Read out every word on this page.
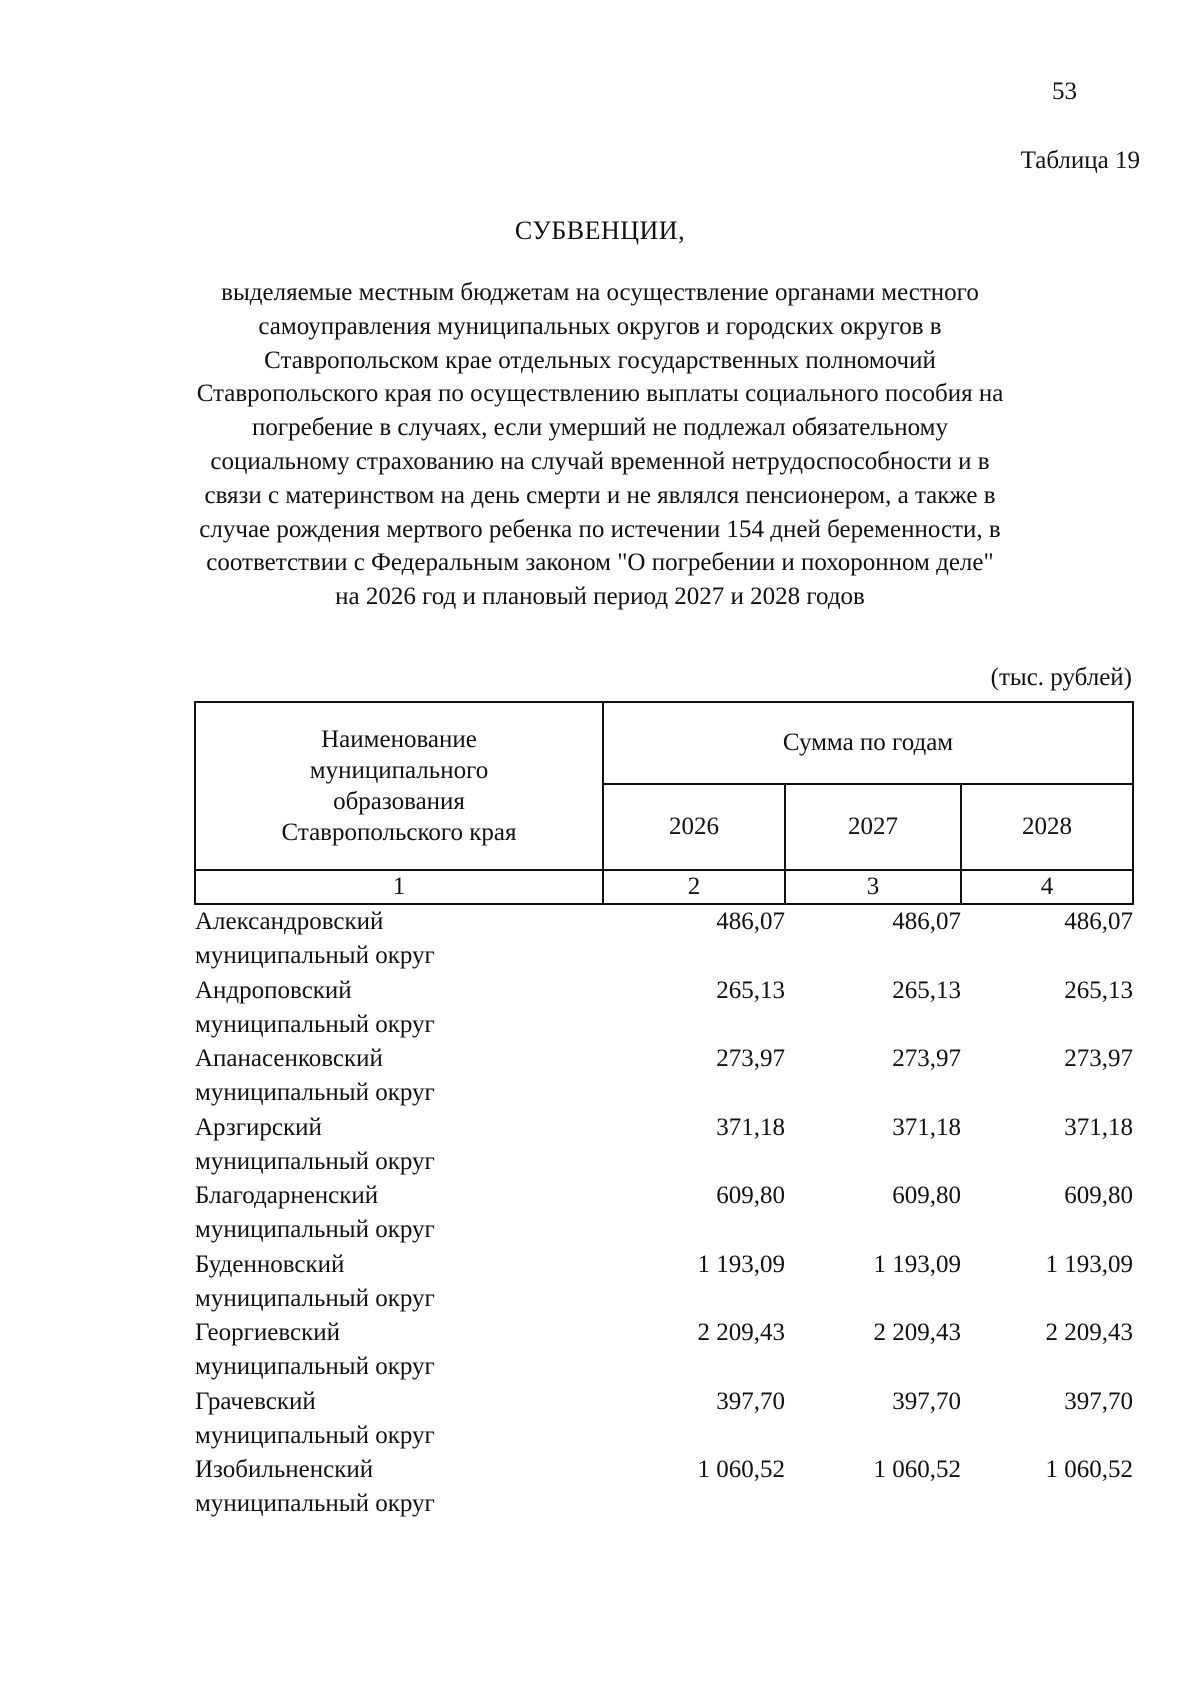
53
Таблица 19
СУБВЕНЦИИ,
выделяемые местным бюджетам на осуществление органами местного
самоуправления муниципальных округов и городских округов в
Ставропольском крае отдельных государственных полномочий
Ставропольского края по осуществлению выплаты социального пособия на
погребение в случаях, если умерший не подлежал обязательному
социальному страхованию на случай временной нетрудоспособности и в
связи с материнством на день смерти и не являлся пенсионером, а также в
случае рождения мертвого ребенка по истечении 154 дней беременности, в
соответствии с Федеральным законом "О погребении и похоронном деле"
на 2026 год и плановый период 2027 и 2028 годов
(тыс. рублей)
Наименование
муниципального
образования
Ставропольского края	Сумма по годам		
	2026	2027	2028
1	2	3	4

Александровский
муниципальный округ	486,07	486,07	486,07

Андроповский
муниципальный округ	265,13	265,13	265,13

Апанасенковский
муниципальный округ	273,97	273,97	273,97

Арзгирский
муниципальный округ	371,18	371,18	371,18

Благодарненский
муниципальный округ	609,80	609,80	609,80

Буденновский
муниципальный округ	1 193,09	1 193,09	1 193,09

Георгиевский
муниципальный округ	2 209,43	2 209,43	2 209,43

Грачевский
муниципальный округ	397,70	397,70	397,70

Изобильненский
муниципальный округ	1 060,52	1 060,52	1 060,52
